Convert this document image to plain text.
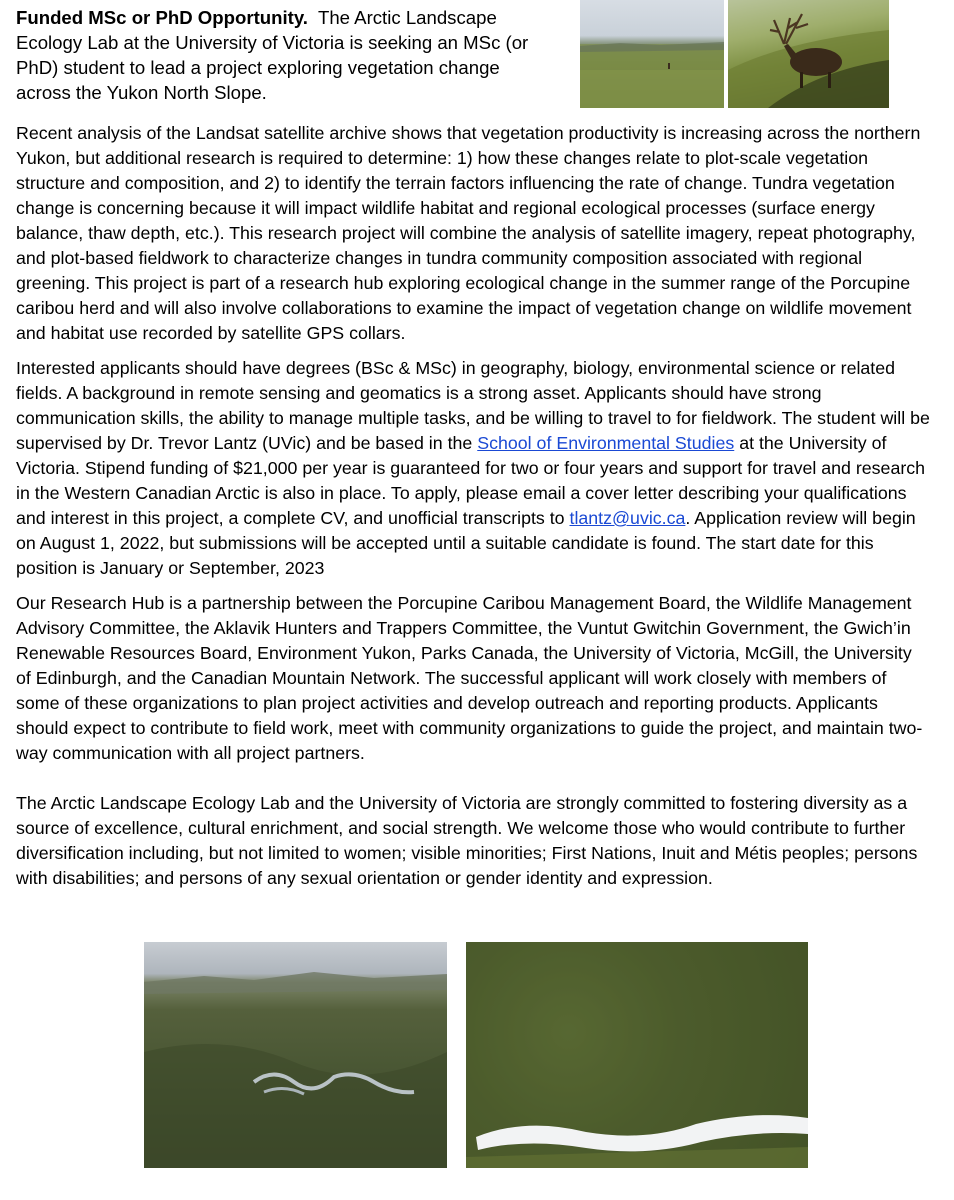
Funded MSc or PhD Opportunity. The Arctic Landscape Ecology Lab at the University of Victoria is seeking an MSc (or PhD) student to lead a project exploring vegetation change across the Yukon North Slope.

Recent analysis of the Landsat satellite archive shows that vegetation productivity is increasing across the northern Yukon, but additional research is required to determine: 1) how these changes relate to plot-scale vegetation structure and composition, and 2) to identify the terrain factors influencing the rate of change. Tundra vegetation change is concerning because it will impact wildlife habitat and regional ecological processes (surface energy balance, thaw depth, etc.). This research project will combine the analysis of satellite imagery, repeat photography, and plot-based fieldwork to characterize changes in tundra community composition associated with regional greening. This project is part of a research hub exploring ecological change in the summer range of the Porcupine caribou herd and will also involve collaborations to examine the impact of vegetation change on wildlife movement and habitat use recorded by satellite GPS collars.

Interested applicants should have degrees (BSc & MSc) in geography, biology, environmental science or related fields. A background in remote sensing and geomatics is a strong asset. Applicants should have strong communication skills, the ability to manage multiple tasks, and be willing to travel to for fieldwork. The student will be supervised by Dr. Trevor Lantz (UVic) and be based in the School of Environmental Studies at the University of Victoria. Stipend funding of $21,000 per year is guaranteed for two or four years and support for travel and research in the Western Canadian Arctic is also in place. To apply, please email a cover letter describing your qualifications and interest in this project, a complete CV, and unofficial transcripts to tlantz@uvic.ca. Application review will begin on August 1, 2022, but submissions will be accepted until a suitable candidate is found. The start date for this position is January or September, 2023

Our Research Hub is a partnership between the Porcupine Caribou Management Board, the Wildlife Management Advisory Committee, the Aklavik Hunters and Trappers Committee, the Vuntut Gwitchin Government, the Gwich’in Renewable Resources Board, Environment Yukon, Parks Canada, the University of Victoria, McGill, the University of Edinburgh, and the Canadian Mountain Network. The successful applicant will work closely with members of some of these organizations to plan project activities and develop outreach and reporting products. Applicants should expect to contribute to field work, meet with community organizations to guide the project, and maintain two-way communication with all project partners.

The Arctic Landscape Ecology Lab and the University of Victoria are strongly committed to fostering diversity as a source of excellence, cultural enrichment, and social strength. We welcome those who would contribute to further diversification including, but not limited to women; visible minorities; First Nations, Inuit and Métis peoples; persons with disabilities; and persons of any sexual orientation or gender identity and expression.
